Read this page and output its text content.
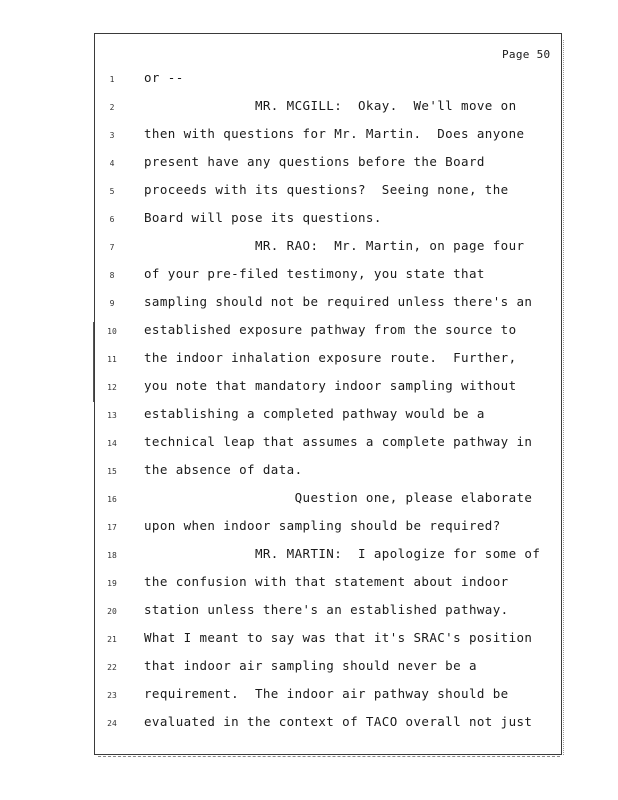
Page 50
1	or --
2	MR. MCGILL:  Okay.  We'll move on
3	then with questions for Mr. Martin.  Does anyone
4	present have any questions before the Board
5	proceeds with its questions?  Seeing none, the
6	Board will pose its questions.
7	MR. RAO:  Mr. Martin, on page four
8	of your pre-filed testimony, you state that
9	sampling should not be required unless there's an
10 established exposure pathway from the source to
11 the indoor inhalation exposure route.  Further,
12 you note that mandatory indoor sampling without
13 establishing a completed pathway would be a
14 technical leap that assumes a complete pathway in
15 the absence of data.
16 Question one, please elaborate
17 upon when indoor sampling should be required?
18 MR. MARTIN:  I apologize for some of
19 the confusion with that statement about indoor
20 station unless there's an established pathway.
21 What I meant to say was that it's SRAC's position
22 that indoor air sampling should never be a
23 requirement.  The indoor air pathway should be
24 evaluated in the context of TACO overall not just
